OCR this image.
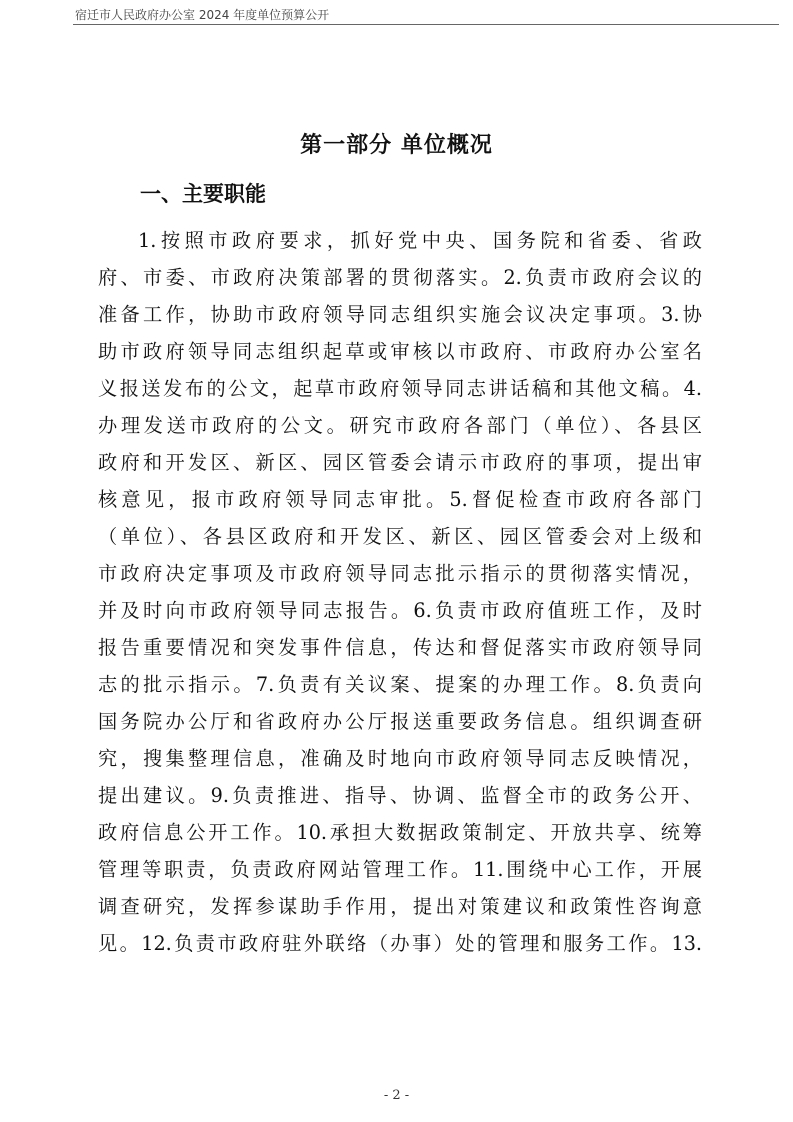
宿迁市人民政府办公室 2024 年度单位预算公开
第一部分 单位概况
一、主要职能
1.按照市政府要求，抓好党中央、国务院和省委、省政
府、市委、市政府决策部署的贯彻落实。2.负责市政府会议的
准备工作，协助市政府领导同志组织实施会议决定事项。3.协
助市政府领导同志组织起草或审核以市政府、市政府办公室名
义报送发布的公文，起草市政府领导同志讲话稿和其他文稿。4.
办理发送市政府的公文。研究市政府各部门（单位）、各县区
政府和开发区、新区、园区管委会请示市政府的事项，提出审
核意见，报市政府领导同志审批。5.督促检查市政府各部门
（单位）、各县区政府和开发区、新区、园区管委会对上级和
市政府决定事项及市政府领导同志批示指示的贯彻落实情况，
并及时向市政府领导同志报告。6.负责市政府值班工作，及时
报告重要情况和突发事件信息，传达和督促落实市政府领导同
志的批示指示。7.负责有关议案、提案的办理工作。8.负责向
国务院办公厅和省政府办公厅报送重要政务信息。组织调查研
究，搜集整理信息，准确及时地向市政府领导同志反映情况，
提出建议。9.负责推进、指导、协调、监督全市的政务公开、
政府信息公开工作。10.承担大数据政策制定、开放共享、统筹
管理等职责，负责政府网站管理工作。11.围绕中心工作，开展
调查研究，发挥参谋助手作用，提出对策建议和政策性咨询意
见。12.负责市政府驻外联络（办事）处的管理和服务工作。13.
- 2 -
